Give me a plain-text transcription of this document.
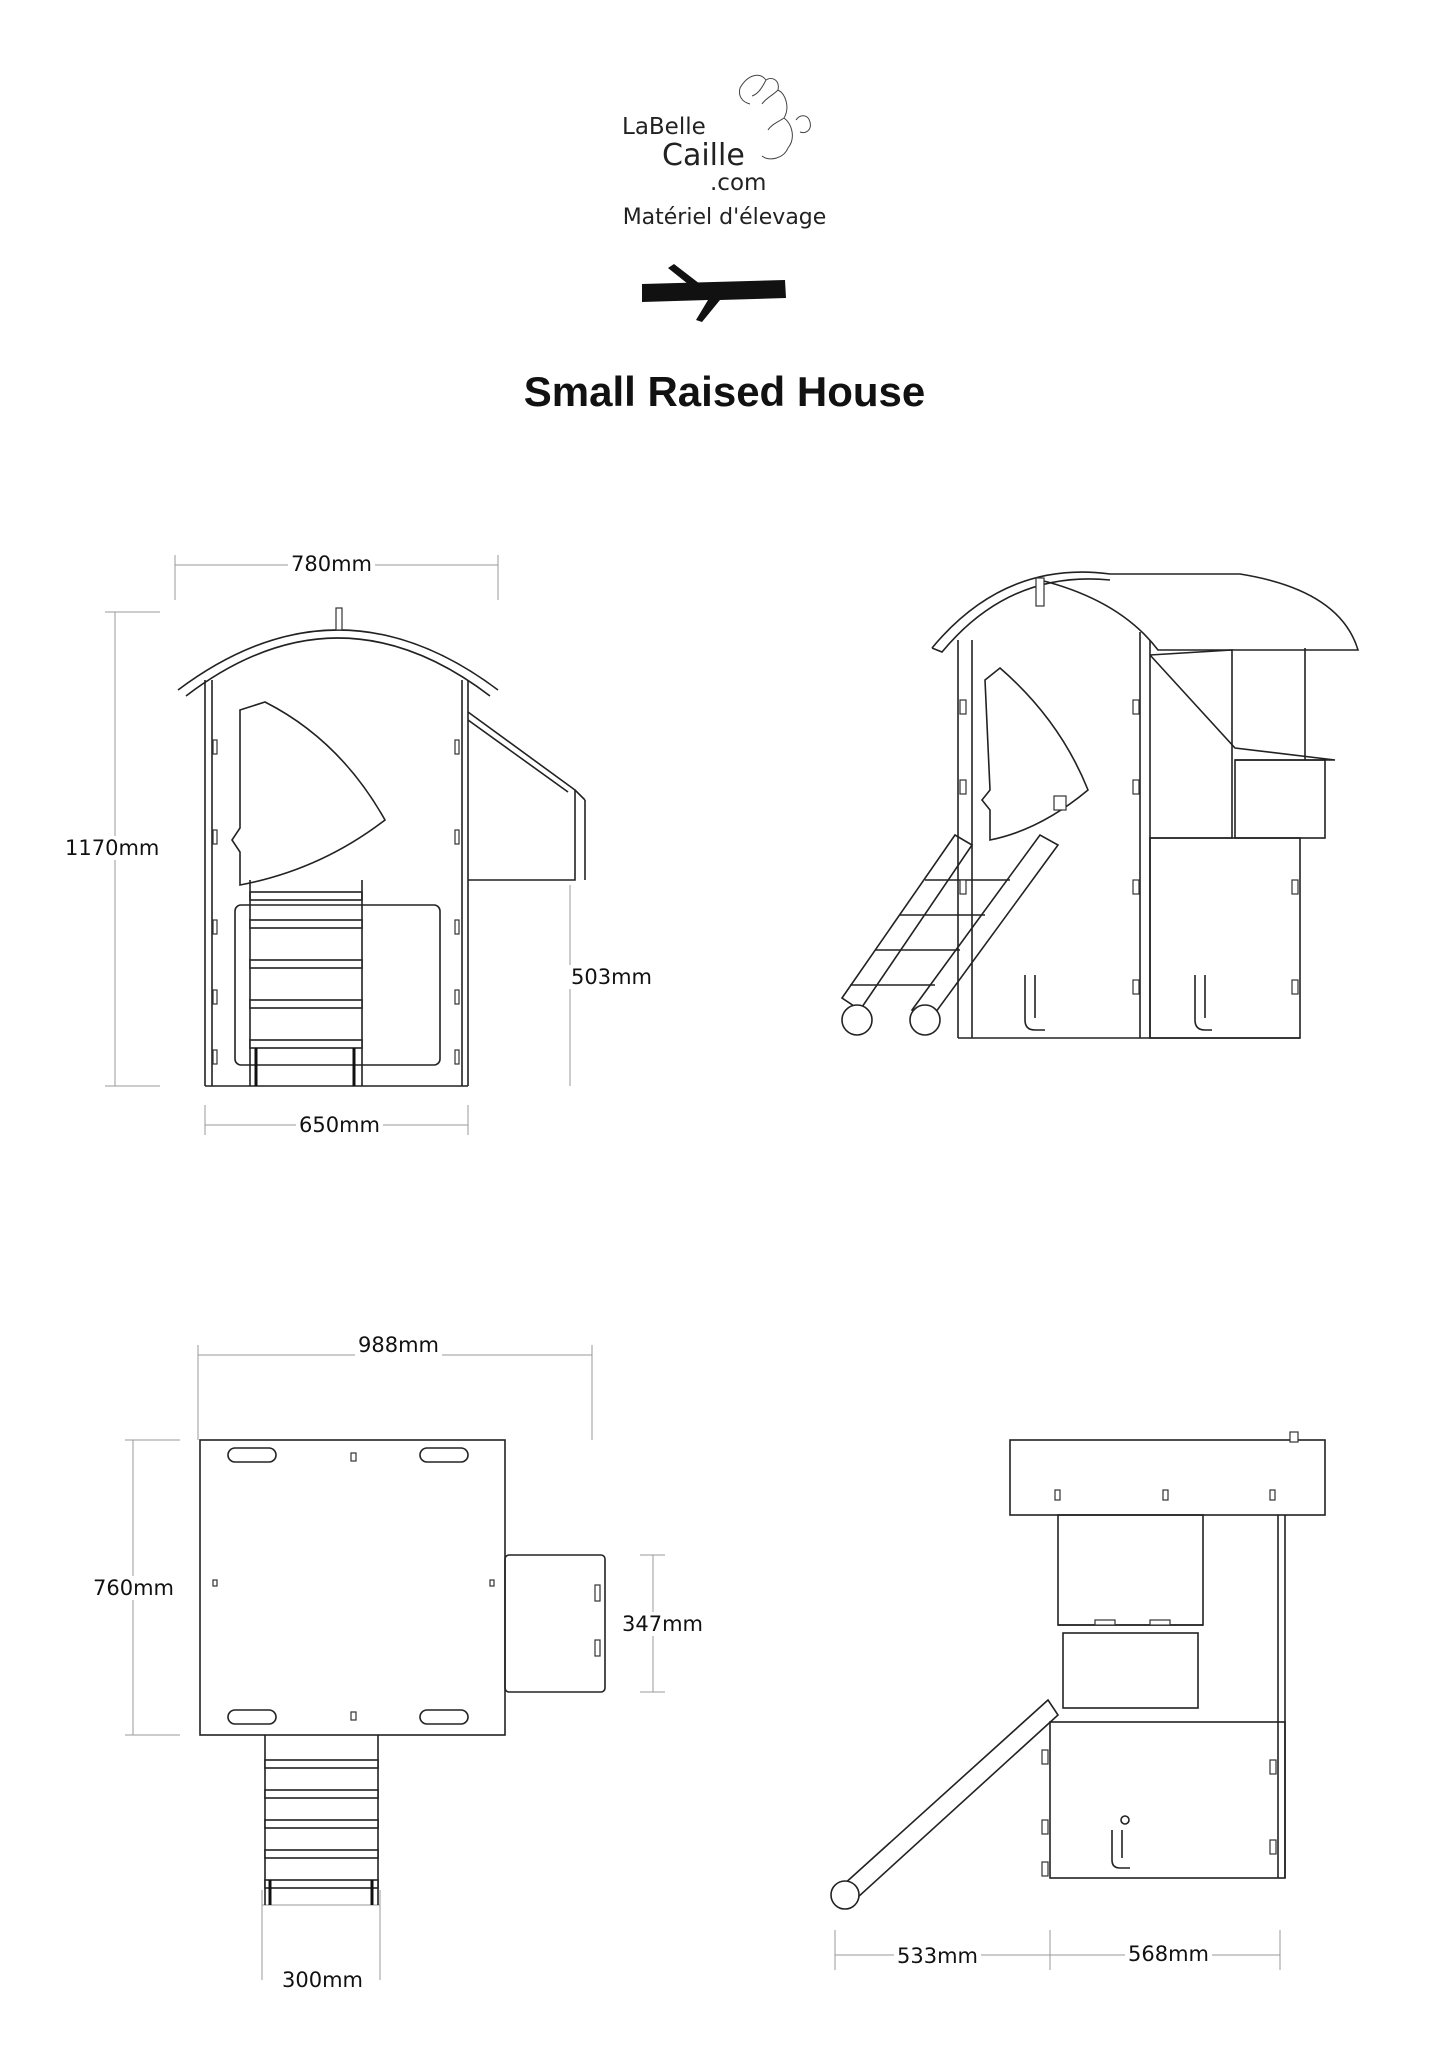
LaBelle
Caille
.com
Matériel d'élevage
Small Raised House
780mm
1170mm
503mm
650mm
988mm
760mm
347mm
300mm
533mm	568mm
